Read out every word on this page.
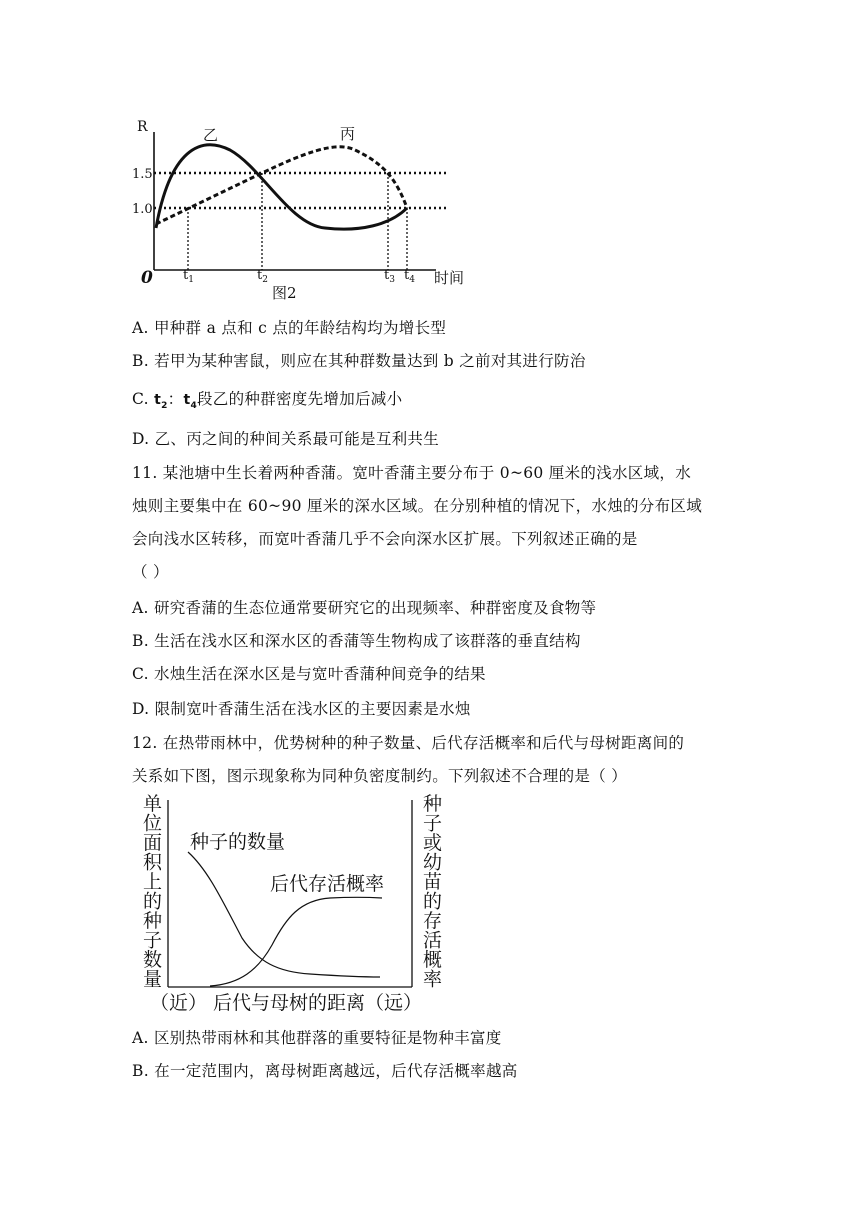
R
1.5
1.0
0
乙	丙
$t_1$	$t_2$	$t_3$ $t_4$ 时间
图2
A. 甲种群 a 点和 c 点的年龄结构均为增长型
B. 若甲为某种害鼠，则应在其种群数量达到 b 之前对其进行防治
C. $t_2$：$t_4$段乙的种群密度先增加后减小
D. 乙、丙之间的种间关系最可能是互利共生
11. 某池塘中生长着两种香蒲。宽叶香蒲主要分布于 0~60 厘米的浅水区域，水
烛则主要集中在 60~90 厘米的深水区域。在分别种植的情况下，水烛的分布区域
会向浅水区转移，而宽叶香蒲几乎不会向深水区扩展。下列叙述正确的是
（ ）
A. 研究香蒲的生态位通常要研究它的出现频率、种群密度及食物等
B. 生活在浅水区和深水区的香蒲等生物构成了该群落的垂直结构
C. 水烛生活在深水区是与宽叶香蒲种间竞争的结果
D. 限制宽叶香蒲生活在浅水区的主要因素是水烛
12. 在热带雨林中，优势树种的种子数量、后代存活概率和后代与母树距离间的
关系如下图，图示现象称为同种负密度制约。下列叙述不合理的是（ ）
单
位
面
积
上
的
种
子
数
量
种
子
或
幼
苗
的
存
活
概
率
种子的数量
后代存活概率
（近） 后代与母树的距离（远）
A. 区别热带雨林和其他群落的重要特征是物种丰富度
B. 在一定范围内，离母树距离越远，后代存活概率越高
